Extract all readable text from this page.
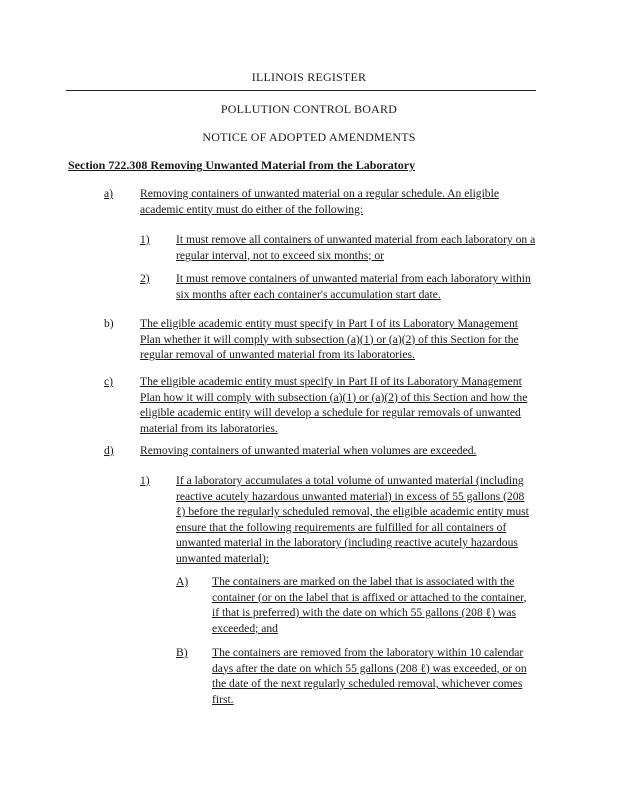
ILLINOIS REGISTER
POLLUTION CONTROL BOARD
NOTICE OF ADOPTED AMENDMENTS
Section 722.308 Removing Unwanted Material from the Laboratory
a) Removing containers of unwanted material on a regular schedule. An eligible academic entity must do either of the following:
1) It must remove all containers of unwanted material from each laboratory on a regular interval, not to exceed six months; or
2) It must remove containers of unwanted material from each laboratory within six months after each container's accumulation start date.
b) The eligible academic entity must specify in Part I of its Laboratory Management Plan whether it will comply with subsection (a)(1) or (a)(2) of this Section for the regular removal of unwanted material from its laboratories.
c) The eligible academic entity must specify in Part II of its Laboratory Management Plan how it will comply with subsection (a)(1) or (a)(2) of this Section and how the eligible academic entity will develop a schedule for regular removals of unwanted material from its laboratories.
d) Removing containers of unwanted material when volumes are exceeded.
1) If a laboratory accumulates a total volume of unwanted material (including reactive acutely hazardous unwanted material) in excess of 55 gallons (208 ℓ) before the regularly scheduled removal, the eligible academic entity must ensure that the following requirements are fulfilled for all containers of unwanted material in the laboratory (including reactive acutely hazardous unwanted material):
A) The containers are marked on the label that is associated with the container (or on the label that is affixed or attached to the container, if that is preferred) with the date on which 55 gallons (208 ℓ) was exceeded; and
B) The containers are removed from the laboratory within 10 calendar days after the date on which 55 gallons (208 ℓ) was exceeded, or on the date of the next regularly scheduled removal, whichever comes first.
